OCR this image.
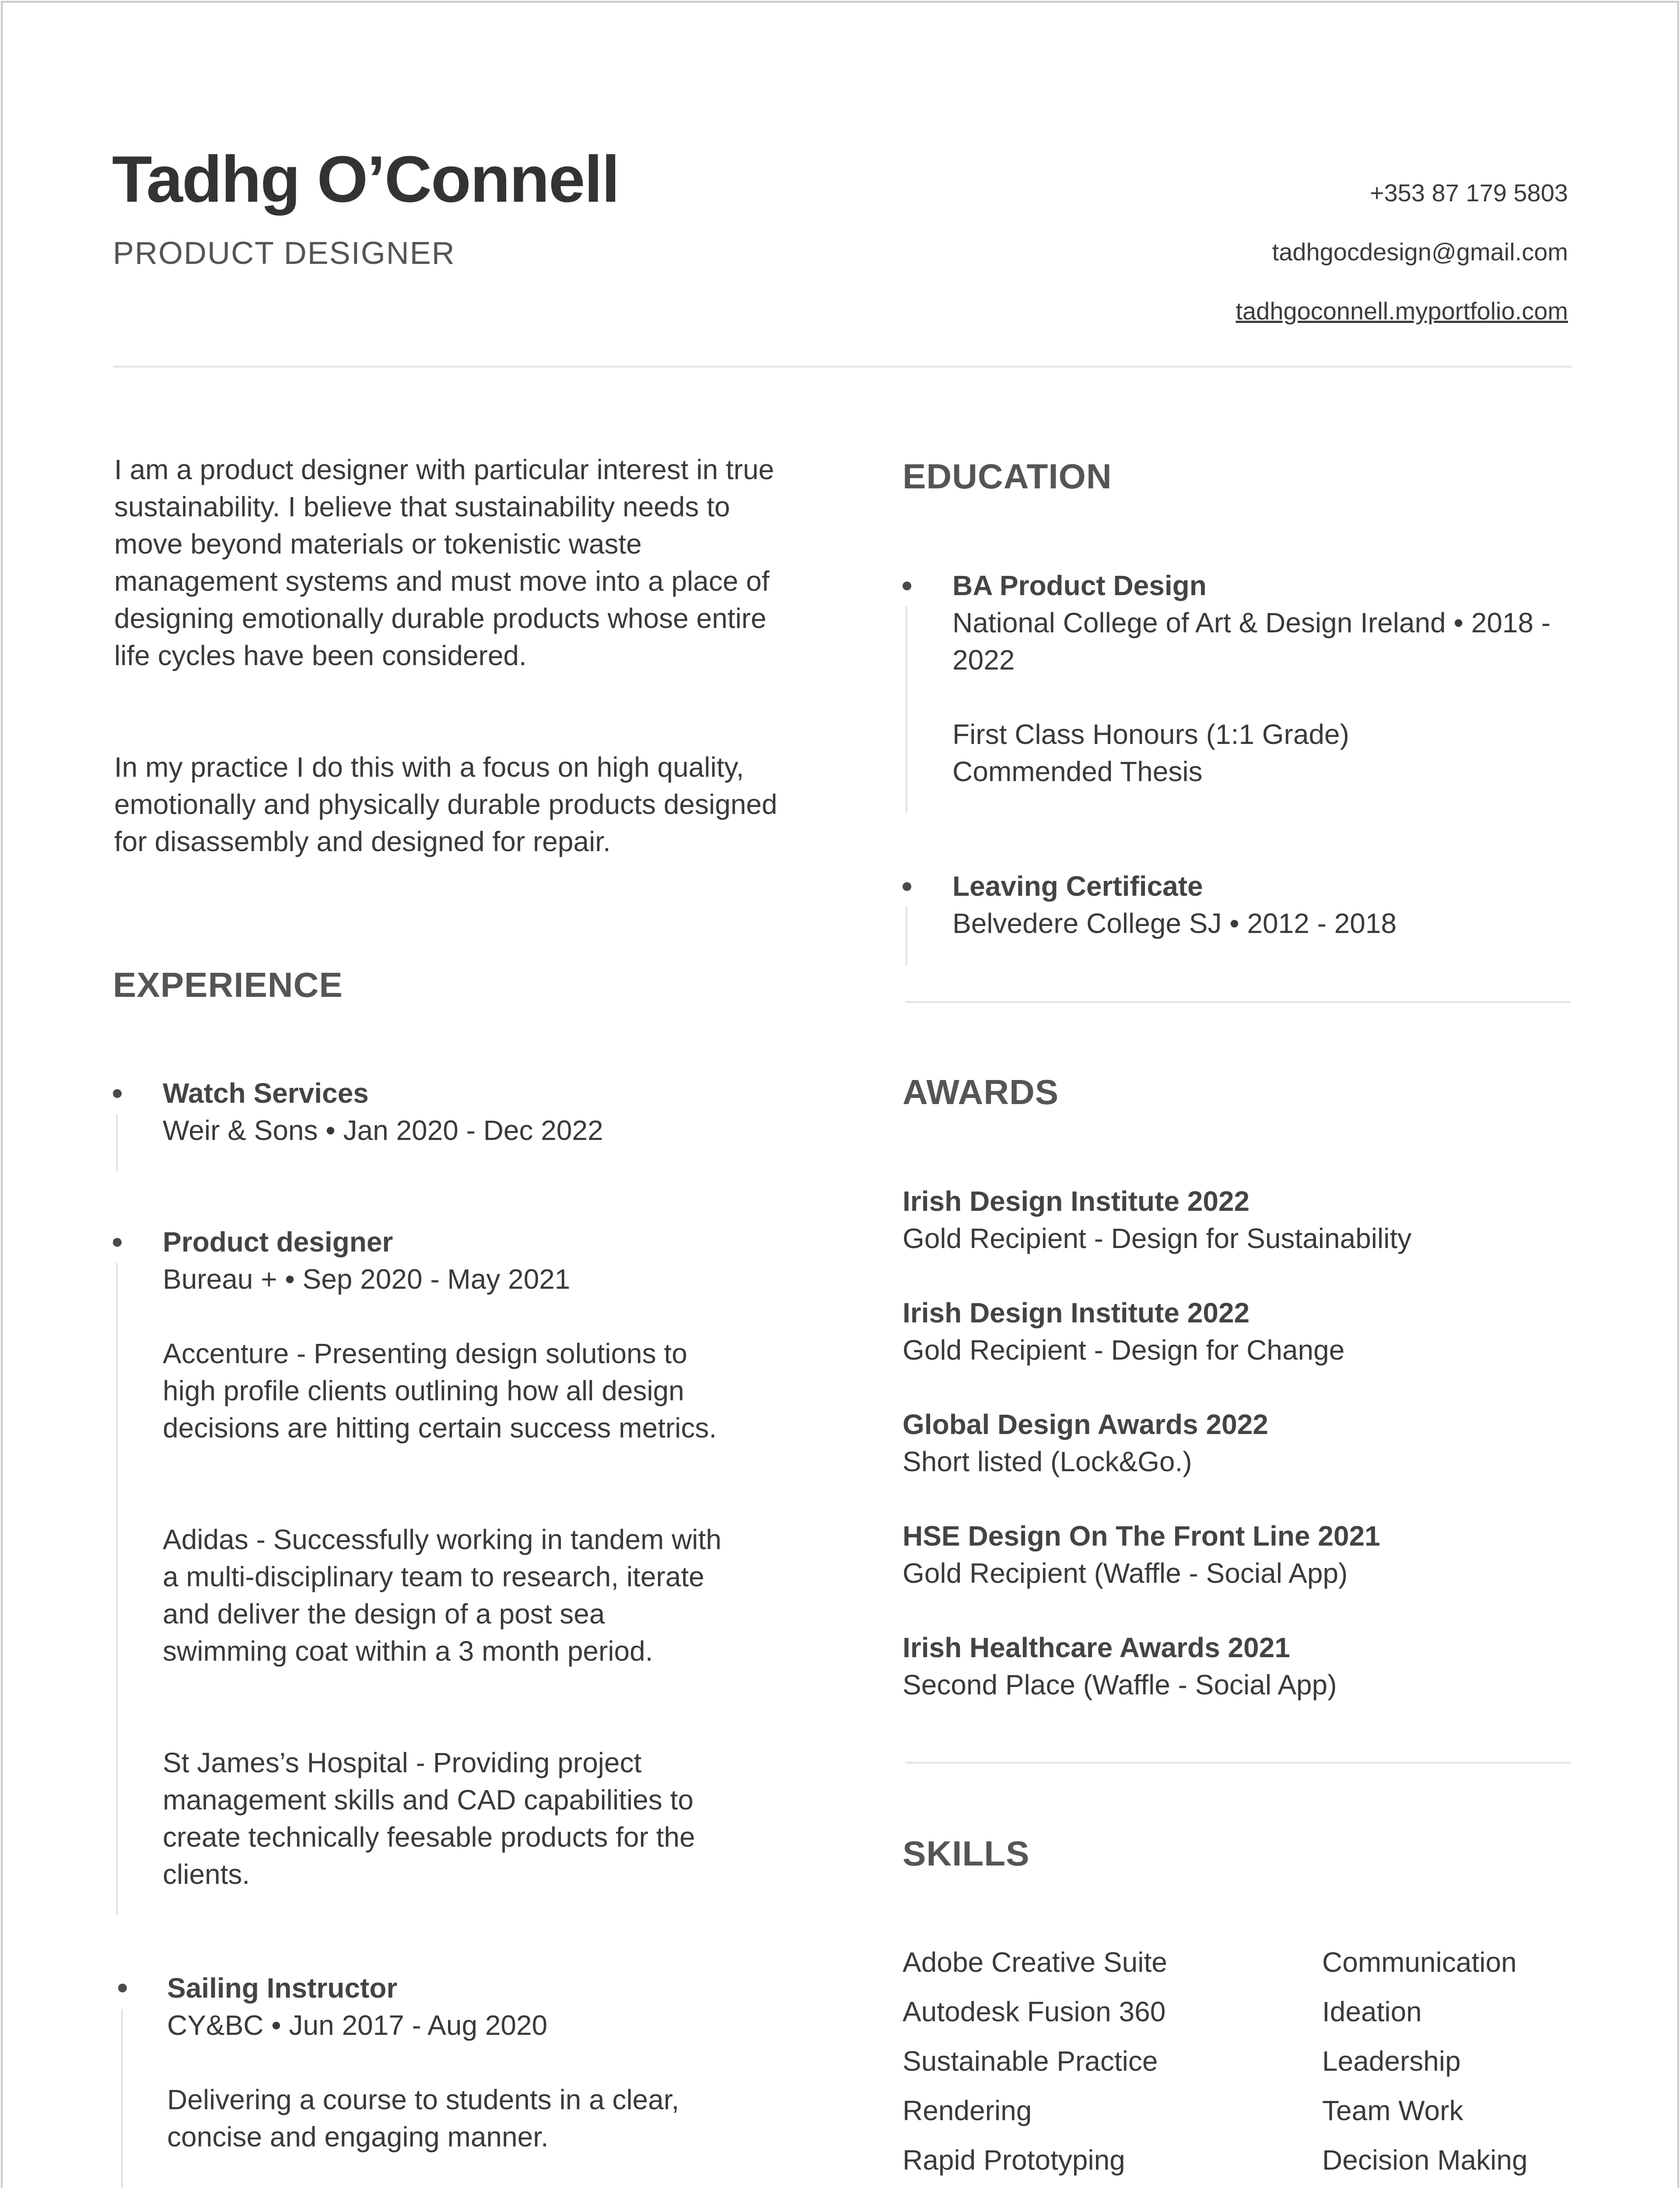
Tadhg O’Connell
PRODUCT DESIGNER
+353 87 179 5803
tadhgocdesign@gmail.com
tadhgoconnell.myportfolio.com
I am a product designer with particular interest in true sustainability. I believe that sustainability needs to move beyond materials or tokenistic waste management systems and must move into a place of designing emotionally durable products whose entire life cycles have been considered.
In my practice I do this with a focus on high quality, emotionally and physically durable products designed for disassembly and designed for repair.
EXPERIENCE
Watch Services
Weir & Sons • Jan 2020 - Dec 2022
Product designer
Bureau + • Sep 2020 - May 2021
Accenture - Presenting design solutions to high profile clients outlining how all design decisions are hitting certain success metrics.
Adidas - Successfully working in tandem with a multi-disciplinary team to research, iterate and deliver the design of a post sea swimming coat within a 3 month period.
St James’s Hospital - Providing project management skills and CAD capabilities to create technically feesable products for the clients.
Sailing Instructor
CY&BC • Jun 2017 - Aug 2020
Delivering a course to students in a clear, concise and engaging manner.
EDUCATION
BA Product Design
National College of Art & Design Ireland • 2018 - 2022
First Class Honours (1:1 Grade) Commended Thesis
Leaving Certificate
Belvedere College SJ • 2012 - 2018
AWARDS
Irish Design Institute 2022
Gold Recipient - Design for Sustainability
Irish Design Institute 2022
Gold Recipient - Design for Change
Global Design Awards 2022
Short listed (Lock&Go.)
HSE Design On The Front Line 2021
Gold Recipient (Waffle - Social App)
Irish Healthcare Awards 2021
Second Place (Waffle - Social App)
SKILLS
Adobe Creative Suite
Autodesk Fusion 360
Sustainable Practice
Rendering
Rapid Prototyping
Communication
Ideation
Leadership
Team Work
Decision Making
